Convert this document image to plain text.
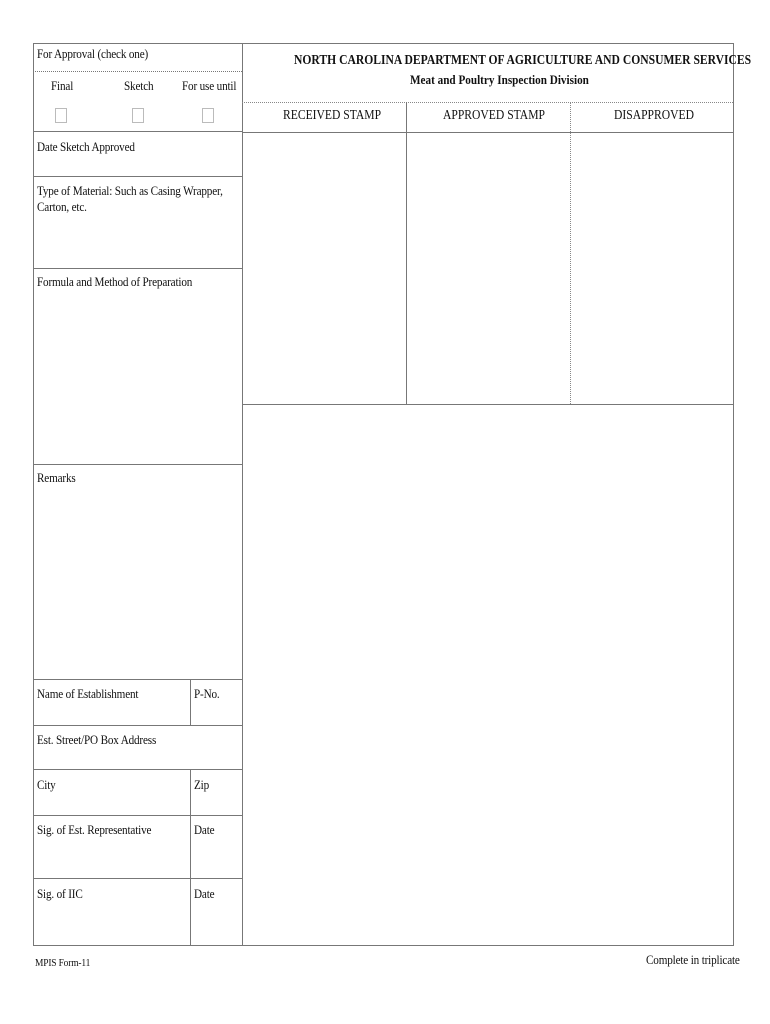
For Approval (check one)
Final	Sketch For use until
NORTH CAROLINA DEPARTMENT OF AGRICULTURE AND CONSUMER SERVICES
Meat and Poultry Inspection Division
RECEIVED STAMP	APPROVED STAMP	DISAPPROVED
Date Sketch Approved
Type of Material: Such as Casing Wrapper, Carton, etc.
Formula and Method of Preparation
Remarks
Name of Establishment	P-No.
Est. Street/PO Box Address
City	Zip
Sig. of Est. Representative	Date
Sig. of IIC	Date
MPIS Form-11	Complete in triplicate
